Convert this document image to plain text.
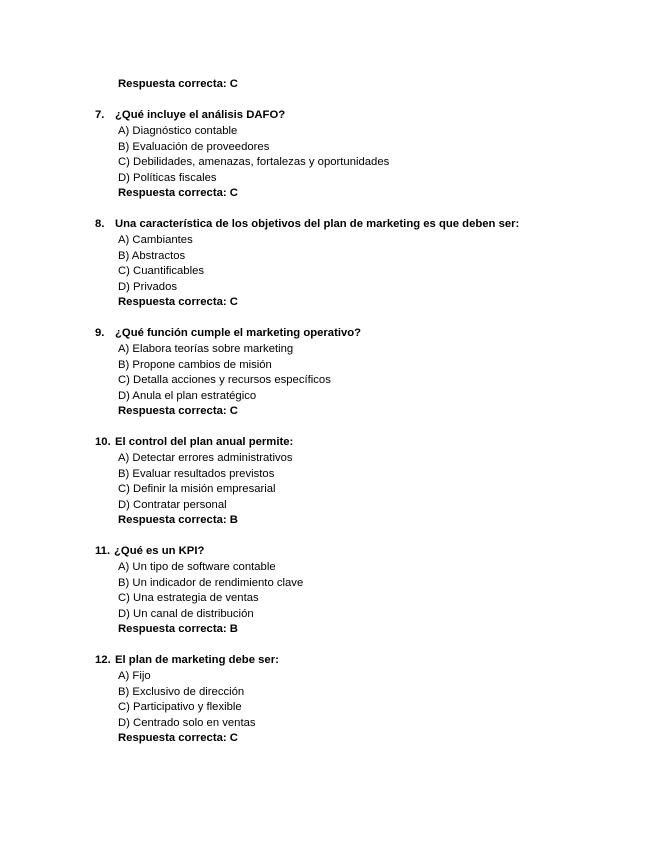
Respuesta correcta: C
7. ¿Qué incluye el análisis DAFO?
A) Diagnóstico contable
B) Evaluación de proveedores
C) Debilidades, amenazas, fortalezas y oportunidades
D) Políticas fiscales
Respuesta correcta: C
8. Una característica de los objetivos del plan de marketing es que deben ser:
A) Cambiantes
B) Abstractos
C) Cuantificables
D) Privados
Respuesta correcta: C
9. ¿Qué función cumple el marketing operativo?
A) Elabora teorías sobre marketing
B) Propone cambios de misión
C) Detalla acciones y recursos específicos
D) Anula el plan estratégico
Respuesta correcta: C
10. El control del plan anual permite:
A) Detectar errores administrativos
B) Evaluar resultados previstos
C) Definir la misión empresarial
D) Contratar personal
Respuesta correcta: B
11. ¿Qué es un KPI?
A) Un tipo de software contable
B) Un indicador de rendimiento clave
C) Una estrategia de ventas
D) Un canal de distribución
Respuesta correcta: B
12. El plan de marketing debe ser:
A) Fijo
B) Exclusivo de dirección
C) Participativo y flexible
D) Centrado solo en ventas
Respuesta correcta: C
